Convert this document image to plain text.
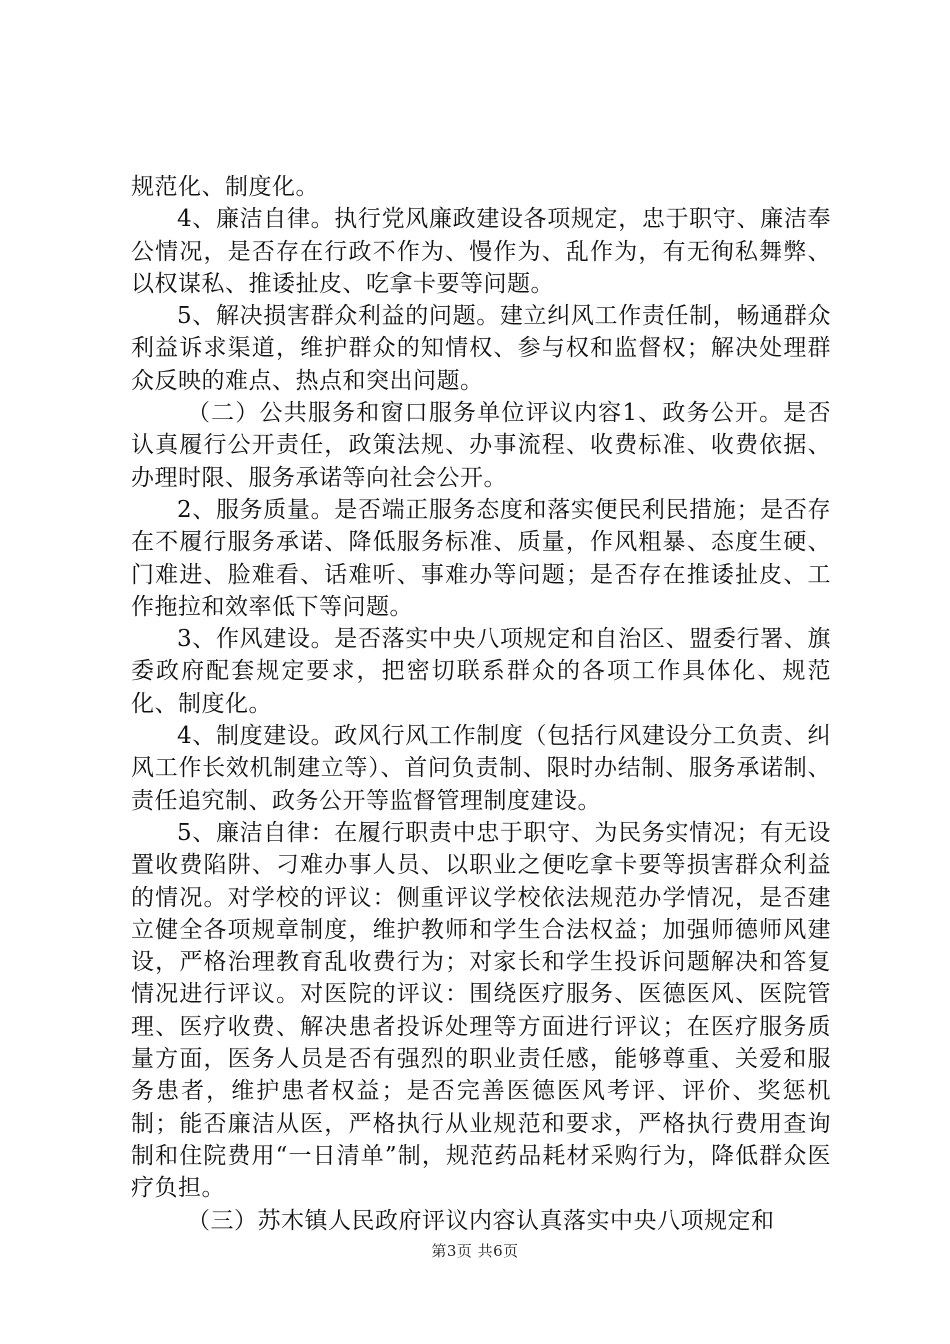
规范化、制度化。

4、廉洁自律。执行党风廉政建设各项规定，忠于职守、廉洁奉公情况，是否存在行政不作为、慢作为、乱作为，有无徇私舞弊、以权谋私、推诿扯皮、吃拿卡要等问题。

5、解决损害群众利益的问题。建立纠风工作责任制，畅通群众利益诉求渠道，维护群众的知情权、参与权和监督权；解决处理群众反映的难点、热点和突出问题。

（二）公共服务和窗口服务单位评议内容1、政务公开。是否认真履行公开责任，政策法规、办事流程、收费标准、收费依据、办理时限、服务承诺等向社会公开。

2、服务质量。是否端正服务态度和落实便民利民措施；是否存在不履行服务承诺、降低服务标准、质量，作风粗暴、态度生硬、门难进、脸难看、话难听、事难办等问题；是否存在推诿扯皮、工作拖拉和效率低下等问题。

3、作风建设。是否落实中央八项规定和自治区、盟委行署、旗委政府配套规定要求，把密切联系群众的各项工作具体化、规范化、制度化。

4、制度建设。政风行风工作制度（包括行风建设分工负责、纠风工作长效机制建立等）、首问负责制、限时办结制、服务承诺制、责任追究制、政务公开等监督管理制度建设。

5、廉洁自律：在履行职责中忠于职守、为民务实情况；有无设置收费陷阱、刁难办事人员、以职业之便吃拿卡要等损害群众利益的情况。对学校的评议：侧重评议学校依法规范办学情况，是否建立健全各项规章制度，维护教师和学生合法权益；加强师德师风建设，严格治理教育乱收费行为；对家长和学生投诉问题解决和答复情况进行评议。对医院的评议：围绕医疗服务、医德医风、医院管理、医疗收费、解决患者投诉处理等方面进行评议；在医疗服务质量方面，医务人员是否有强烈的职业责任感，能够尊重、关爱和服务患者，维护患者权益；是否完善医德医风考评、评价、奖惩机制；能否廉洁从医，严格执行从业规范和要求，严格执行费用查询制和住院费用“一日清单”制，规范药品耗材采购行为，降低群众医疗负担。

（三）苏木镇人民政府评议内容认真落实中央八项规定和

第3页 共6页
